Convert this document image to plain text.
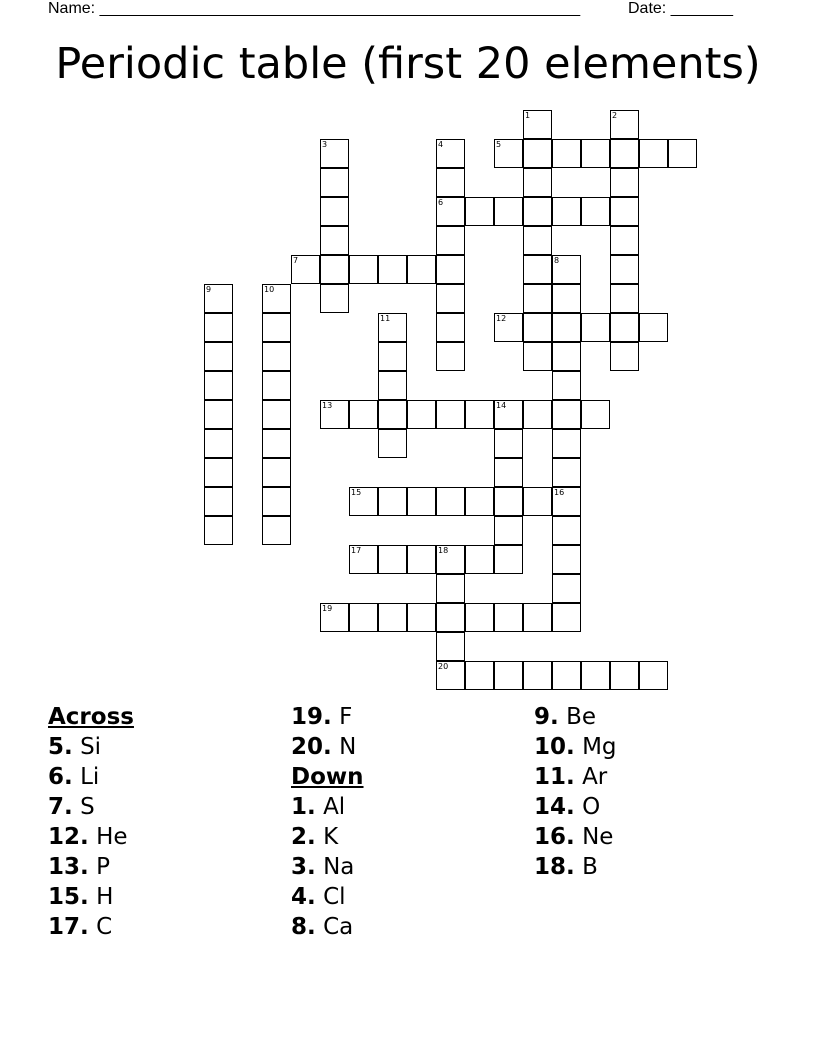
Name: ______________________________________________________	Date: _______
Periodic table (first 20 elements)
1	2
3	4
6
5
7	8
9	10
11	12
13	14
15	16
17	18
20
19
Across
5. Si
6. Li
7. S
12. He
13. P
15. H
17. C
19. F
20. N
Down
1. Al
2. K
3. Na
4. Cl
8. Ca
9. Be
10. Mg
11. Ar
14. O
16. Ne
18. B
